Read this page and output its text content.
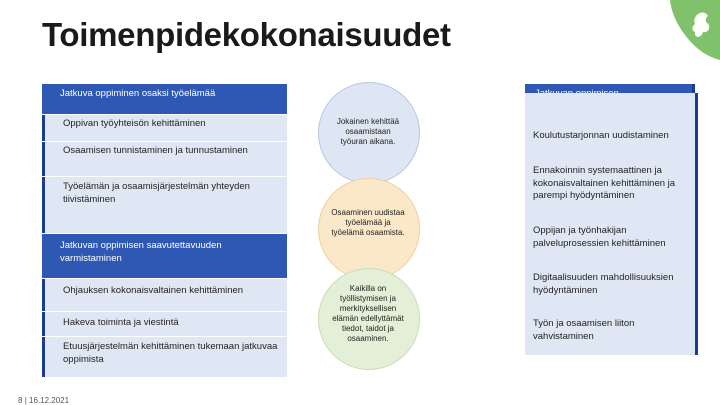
Toimenpidekokonaisuudet
Jatkuva oppiminen osaksi työelämää
Oppivan työyhteisön kehittäminen
Osaamisen tunnistaminen ja tunnustaminen
Työelämän ja osaamisjärjestelmän yhteyden tiivistäminen
Jatkuvan oppimisen saavutettavuuden varmistaminen
Ohjauksen kokonaisvaltainen kehittäminen
Hakeva toiminta ja viestintä
Etuusjärjestelmän kehittäminen tukemaan jatkuvaa oppimista
Jokainen kehittää osaamistaan työuran aikana.
Osaaminen uudistaa työelämää ja työelämä osaamista.
Kaikilla on työllistymisen ja merkityksellisen elämän edellyttämät tiedot, taidot ja osaaminen.
Koulutustarjonnan uudistaminen
Ennakoinnin systemaattinen ja kokonaisvaltainen kehittäminen ja parempi hyödyntäminen
Oppijan ja työnhakijan palveluprosessien kehittäminen
Digitaalisuuden mahdollisuuksien hyödyntäminen
Työn ja osaamisen liiton vahvistaminen
8 | 16.12.2021
